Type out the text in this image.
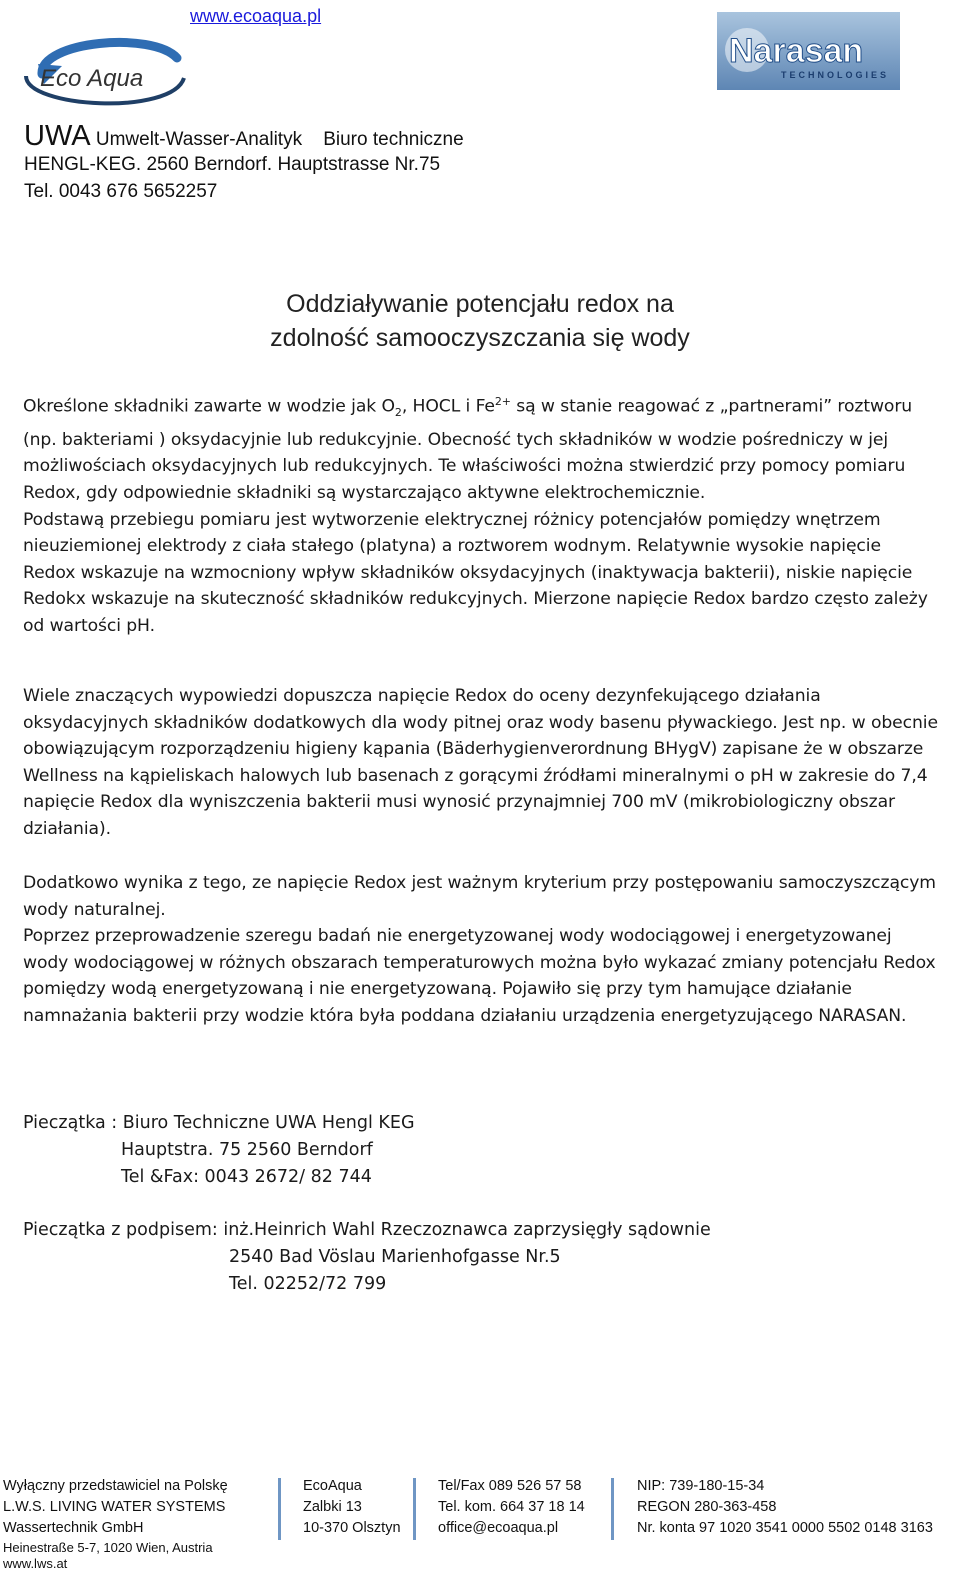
www.ecoaqua.pl
Eco Aqua
Narasan
TECHNOLOGIES
UWA Umwelt-Wasser-Analityk Biuro techniczne
HENGL-KEG. 2560 Berndorf. Hauptstrasse Nr.75
Tel. 0043 676 5652257
Oddziaływanie potencjału redox na
zdolność samooczyszczania się wody

Określone składniki zawarte w wodzie jak $O_2$, HOCL i $Fe^{2+}$ są w stanie reagować z „partnerami” roztworu (np. bakteriami ) oksydacyjnie lub redukcyjnie. Obecność tych składników w wodzie pośredniczy w jej możliwościach oksydacyjnych lub redukcyjnych. Te właściwości można stwierdzić przy pomocy pomiaru Redox, gdy odpowiednie składniki są wystarczająco aktywne elektrochemicznie.

Podstawą przebiegu pomiaru jest wytworzenie elektrycznej różnicy potencjałów pomiędzy wnętrzem nieuziemionej elektrody z ciała stałego (platyna) a roztworem wodnym. Relatywnie wysokie napięcie Redox wskazuje na wzmocniony wpływ składników oksydacyjnych (inaktywacja bakterii), niskie napięcie Redokx wskazuje na skuteczność składników redukcyjnych. Mierzone napięcie Redox bardzo często zależy od wartości pH.

Wiele znaczących wypowiedzi dopuszcza napięcie Redox do oceny dezynfekującego działania oksydacyjnych składników dodatkowych dla wody pitnej oraz wody basenu pływackiego. Jest np. w obecnie obowiązującym rozporządzeniu higieny kąpania (Bäderhygienverordnung BHygV) zapisane że w obszarze Wellness na kąpieliskach halowych lub basenach z gorącymi źródłami mineralnymi o pH w zakresie do 7,4 napięcie Redox dla wyniszczenia bakterii musi wynosić przynajmniej 700 mV (mikrobiologiczny obszar działania).

Dodatkowo wynika z tego, ze napięcie Redox jest ważnym kryterium przy postępowaniu samoczyszczącym wody naturalnej.

Poprzez przeprowadzenie szeregu badań nie energetyzowanej wody wodociągowej i energetyzowanej wody wodociągowej w różnych obszarach temperaturowych można było wykazać zmiany potencjału Redox pomiędzy wodą energetyzowaną i nie energetyzowaną. Pojawiło się przy tym hamujące działanie namnażania bakterii przy wodzie która była poddana działaniu urządzenia energetyzującego NARASAN.

Pieczątka : Biuro Techniczne UWA Hengl KEG
Hauptstra. 75 2560 Berndorf
Tel &Fax: 0043 2672/ 82 744
Pieczątka z podpisem: inż.Heinrich Wahl Rzeczoznawca zaprzysięgły sądownie
2540 Bad Vöslau Marienhofgasse Nr.5
Tel. 02252/72 799
Wyłączny przedstawiciel na Polskę
L.W.S. LIVING WATER SYSTEMS
Wassertechnik GmbH
Heinestraße 5-7, 1020 Wien, Austria
www.lws.at
EcoAqua
Zalbki 13
10-370 Olsztyn
Tel/Fax 089 526 57 58
Tel. kom. 664 37 18 14
office@ecoaqua.pl
NIP: 739-180-15-34
REGON 280-363-458
Nr. konta 97 1020 3541 0000 5502 0148 3163
